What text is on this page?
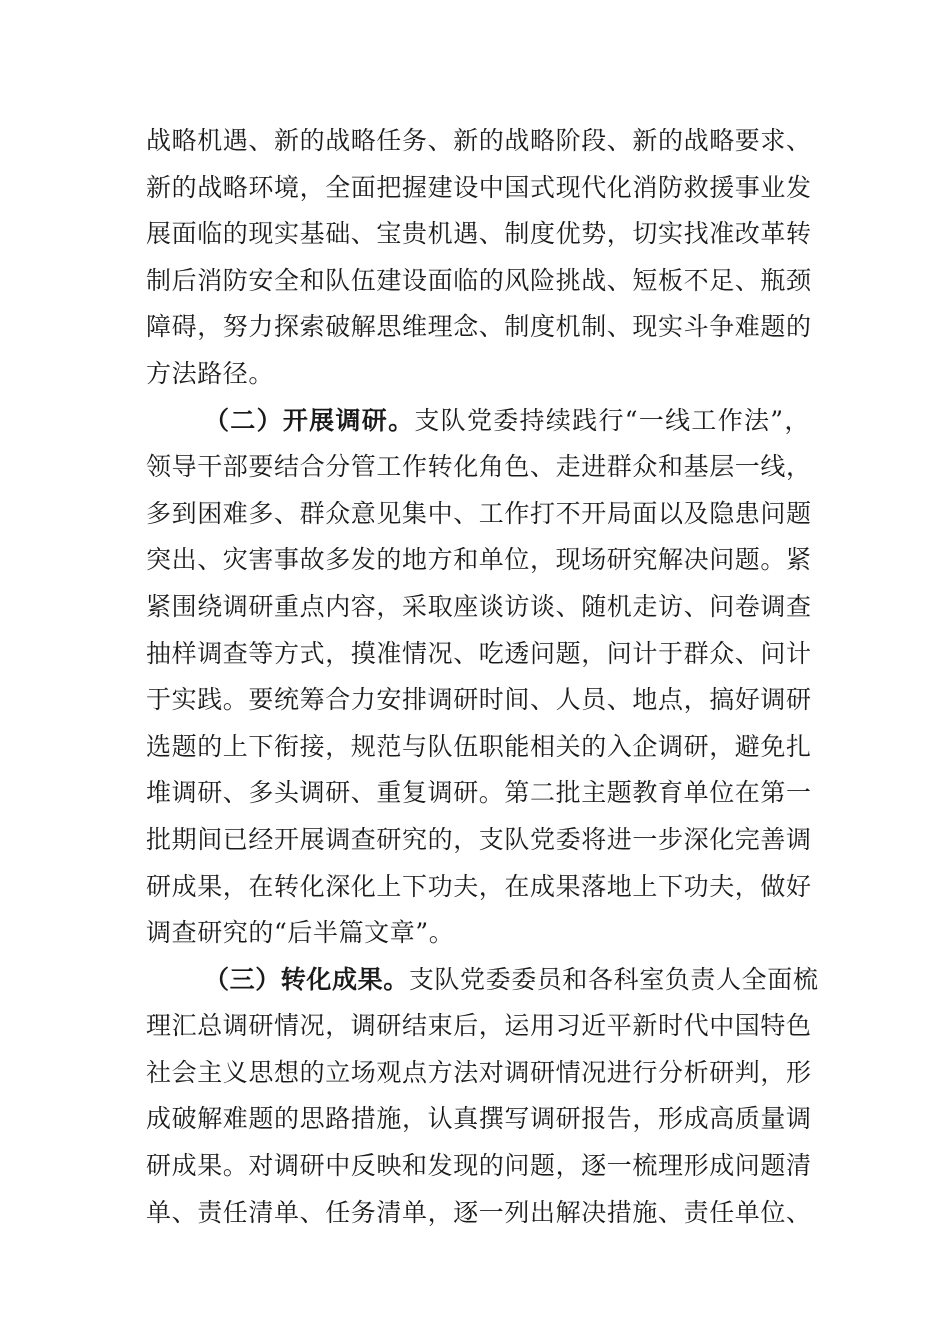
战略机遇、新的战略任务、新的战略阶段、新的战略要求、
新的战略环境，全面把握建设中国式现代化消防救援事业发
展面临的现实基础、宝贵机遇、制度优势，切实找准改革转
制后消防安全和队伍建设面临的风险挑战、短板不足、瓶颈
障碍，努力探索破解思维理念、制度机制、现实斗争难题的
方法路径。
（二）开展调研。支队党委持续践行“一线工作法”，
领导干部要结合分管工作转化角色、走进群众和基层一线，
多到困难多、群众意见集中、工作打不开局面以及隐患问题
突出、灾害事故多发的地方和单位，现场研究解决问题。紧
紧围绕调研重点内容，采取座谈访谈、随机走访、问卷调查
抽样调查等方式，摸准情况、吃透问题，问计于群众、问计
于实践。要统筹合力安排调研时间、人员、地点，搞好调研
选题的上下衔接，规范与队伍职能相关的入企调研，避免扎
堆调研、多头调研、重复调研。第二批主题教育单位在第一
批期间已经开展调查研究的，支队党委将进一步深化完善调
研成果，在转化深化上下功夫，在成果落地上下功夫，做好
调查研究的“后半篇文章”。
（三）转化成果。支队党委委员和各科室负责人全面梳
理汇总调研情况，调研结束后，运用习近平新时代中国特色
社会主义思想的立场观点方法对调研情况进行分析研判，形
成破解难题的思路措施，认真撰写调研报告，形成高质量调
研成果。对调研中反映和发现的问题，逐一梳理形成问题清
单、责任清单、任务清单，逐一列出解决措施、责任单位、
